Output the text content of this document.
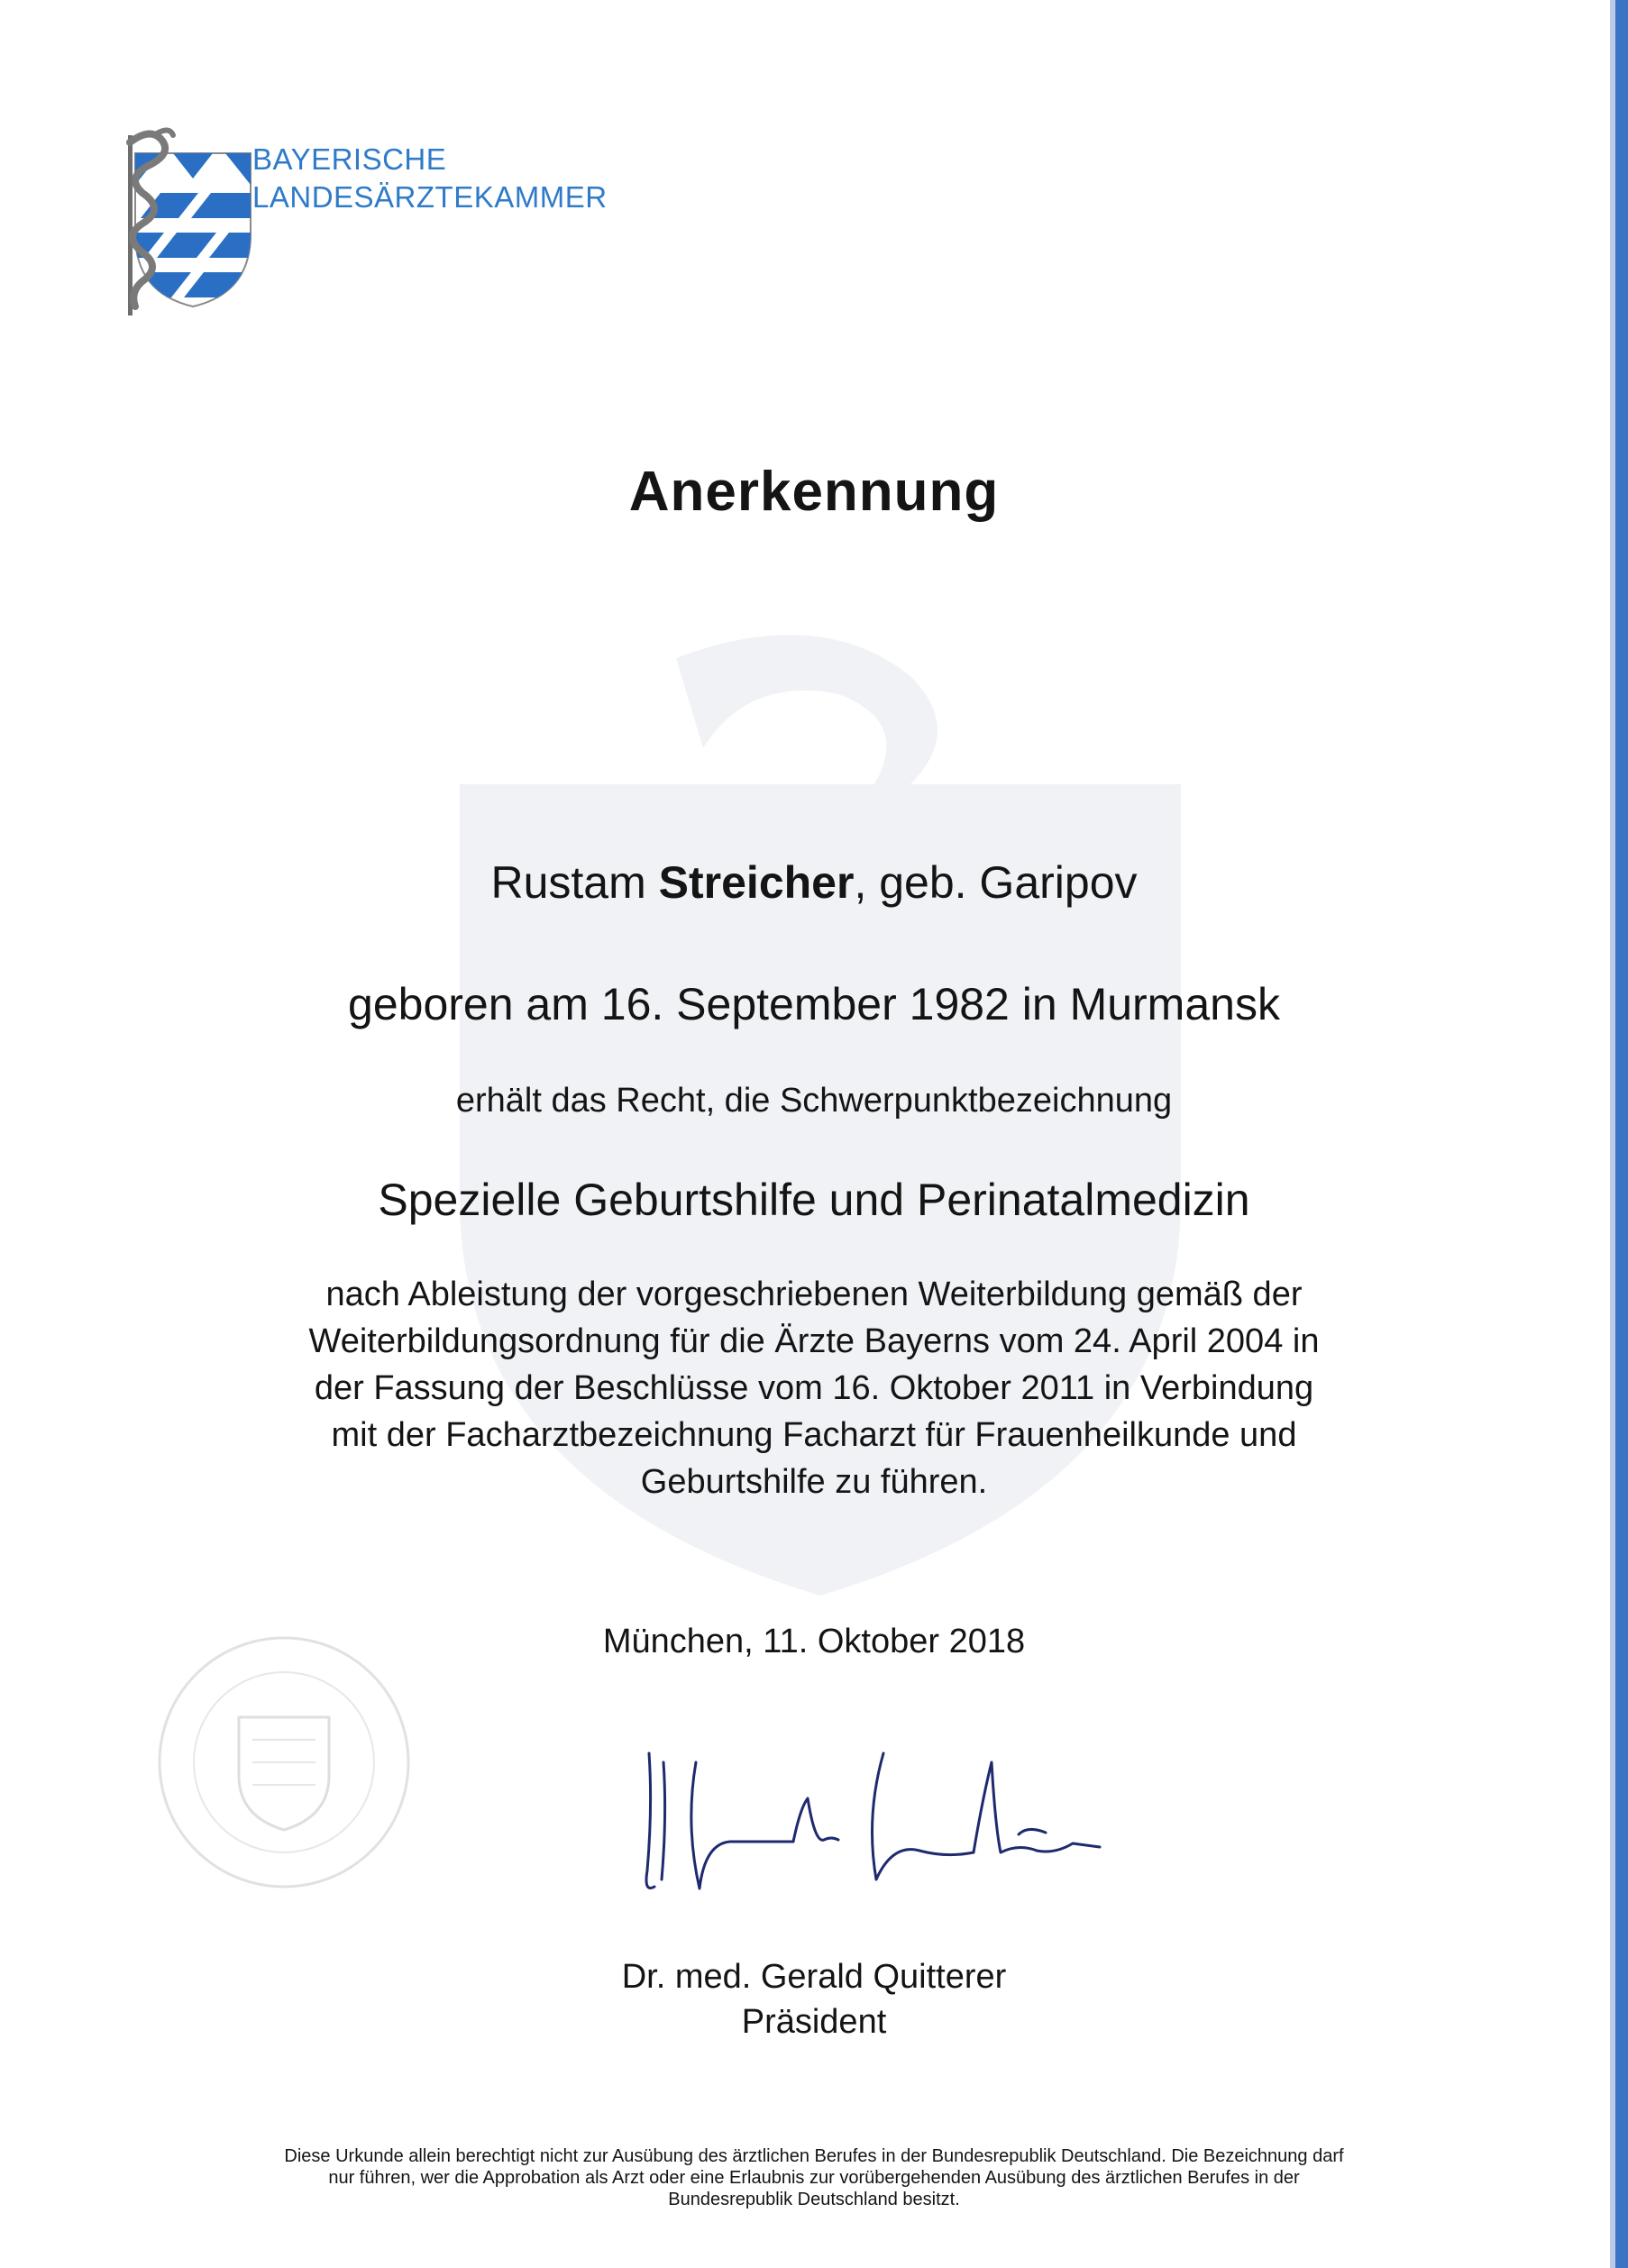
BAYERISCHE
LANDESÄRZTEKAMMER
Anerkennung
Rustam Streicher, geb. Garipov
geboren am 16. September 1982 in Murmansk
erhält das Recht, die Schwerpunktbezeichnung
Spezielle Geburtshilfe und Perinatalmedizin
nach Ableistung der vorgeschriebenen Weiterbildung gemäß der
Weiterbildungsordnung für die Ärzte Bayerns vom 24. April 2004 in
der Fassung der Beschlüsse vom 16. Oktober 2011 in Verbindung
mit der Facharztbezeichnung Facharzt für Frauenheilkunde und
Geburtshilfe zu führen.
München, 11. Oktober 2018
Dr. med. Gerald Quitterer
Präsident
Diese Urkunde allein berechtigt nicht zur Ausübung des ärztlichen Berufes in der Bundesrepublik Deutschland. Die Bezeichnung darf
nur führen, wer die Approbation als Arzt oder eine Erlaubnis zur vorübergehenden Ausübung des ärztlichen Berufes in der
Bundesrepublik Deutschland besitzt.
